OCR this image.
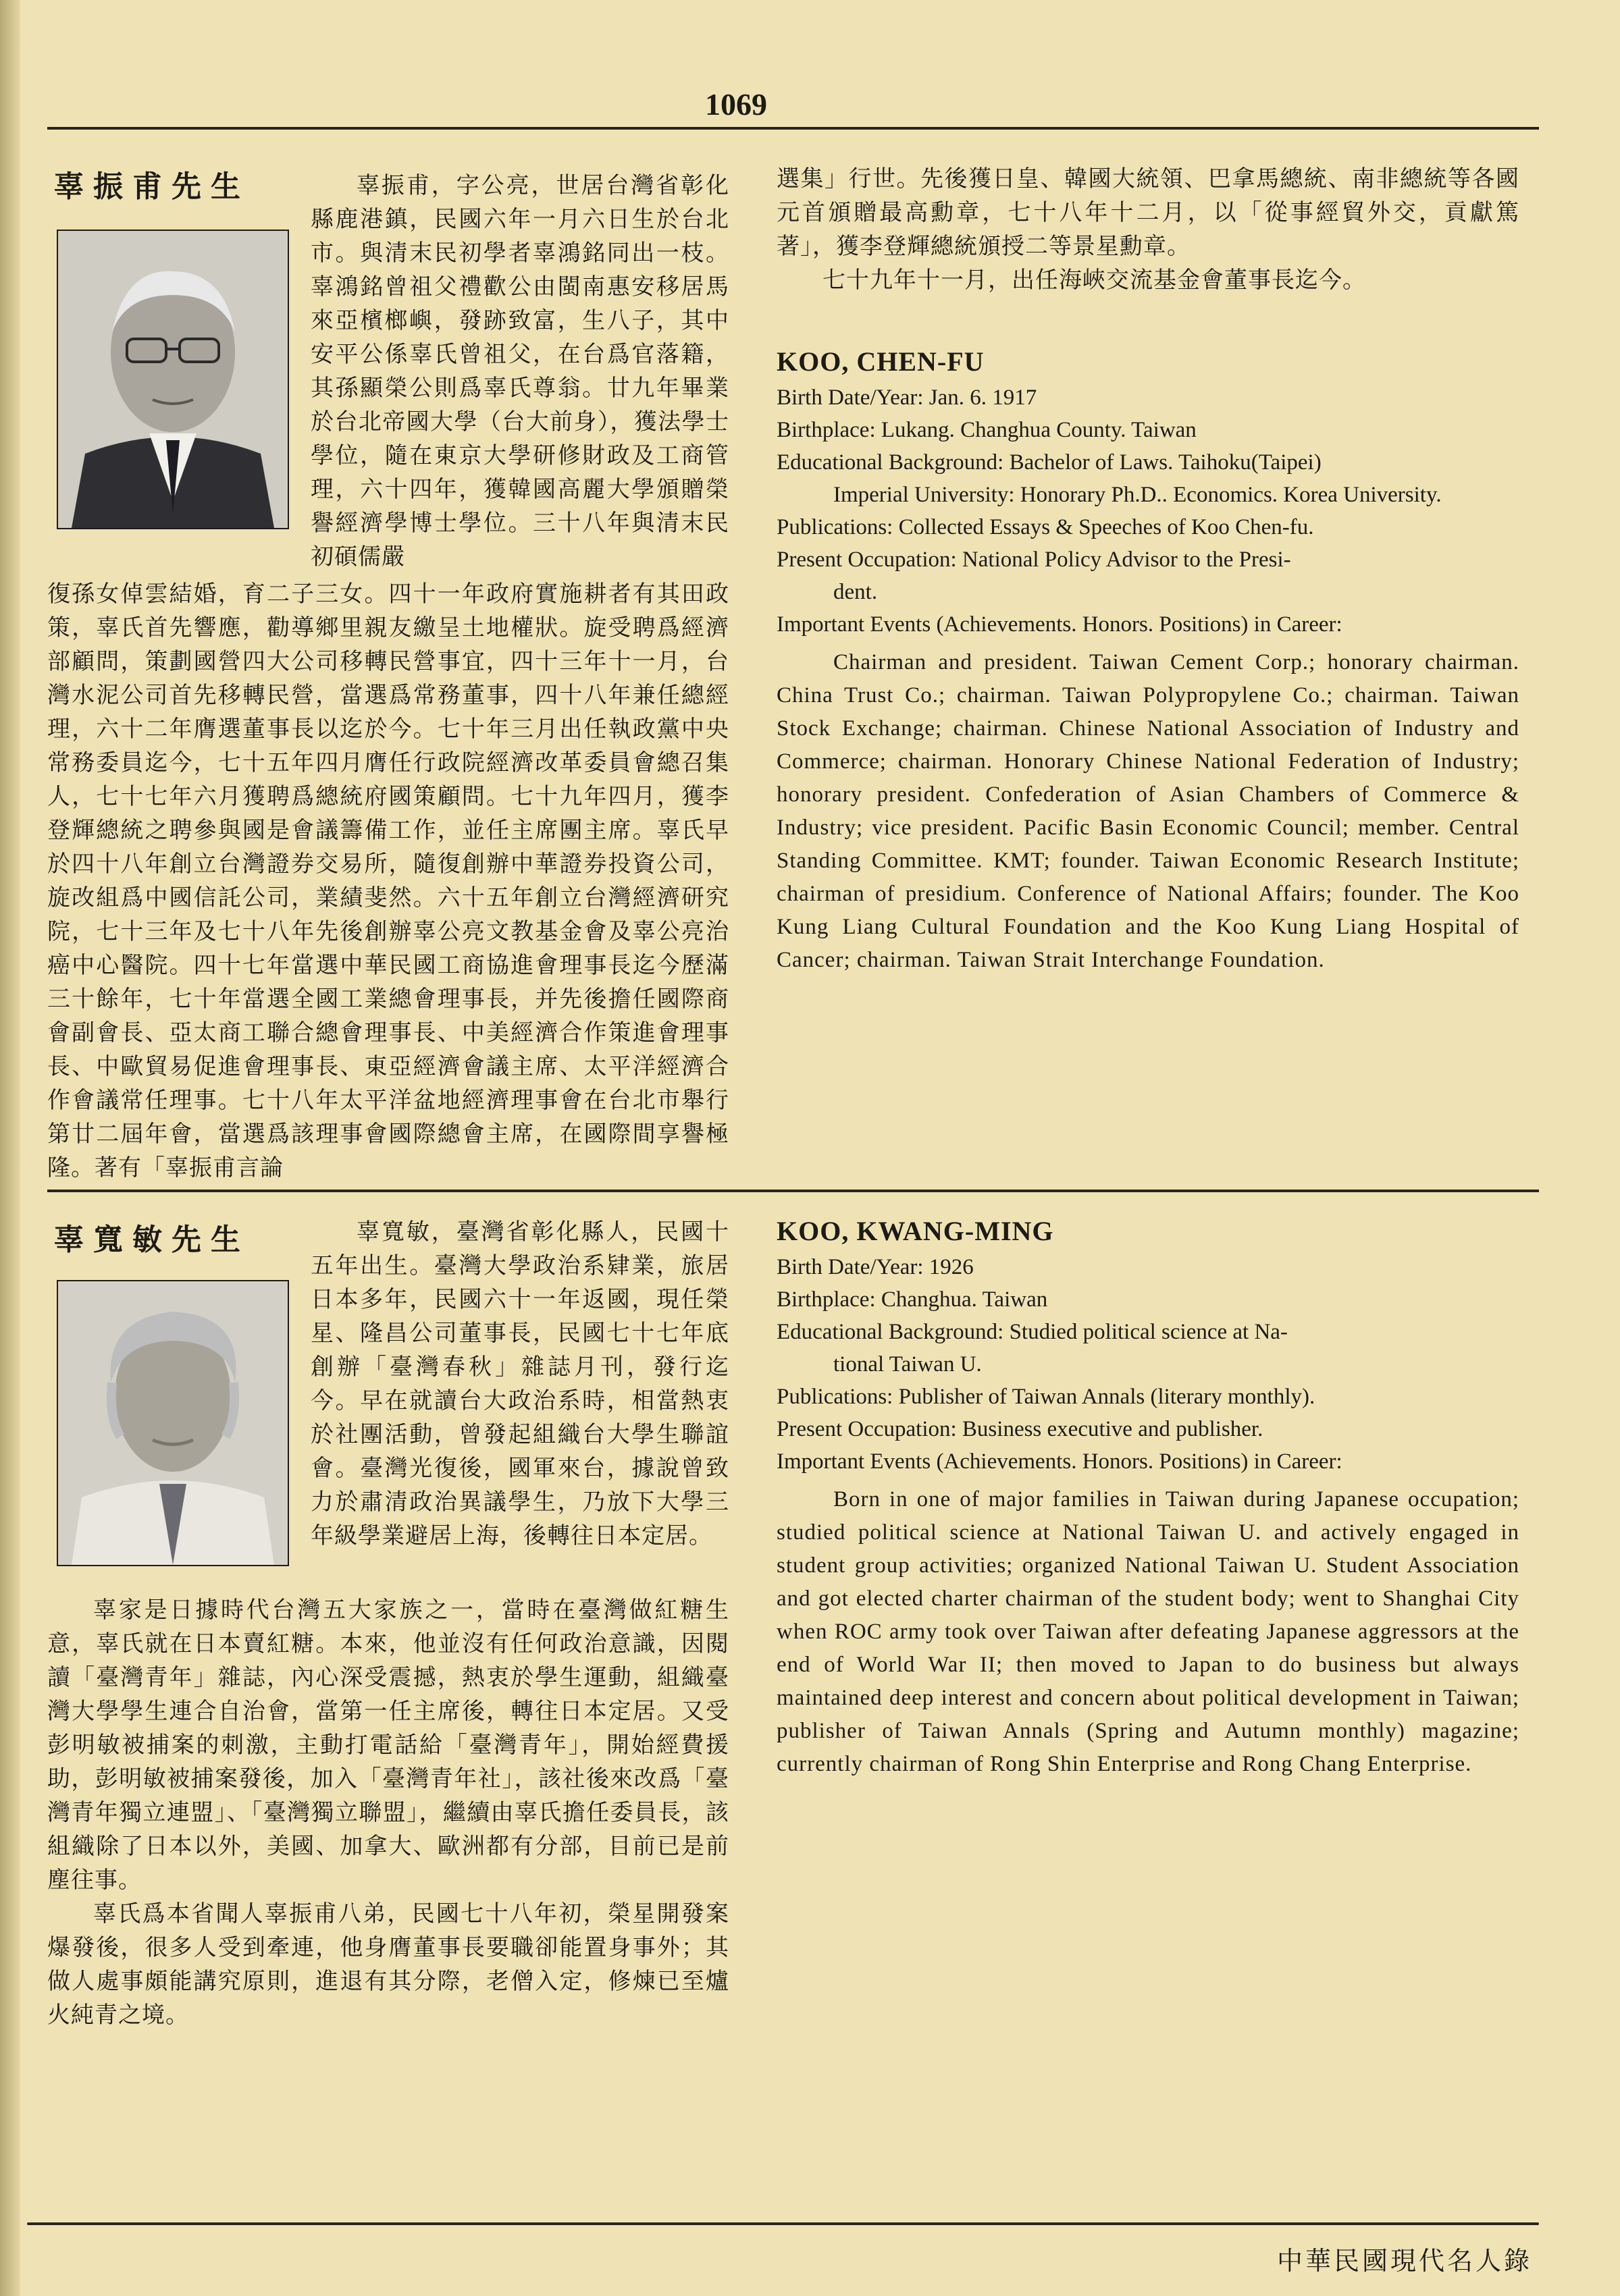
1069
辜振甫先生	辜振甫，字公亮，世居台灣省彰化縣鹿港鎮，民國六年一月六日生於台北市。與清末民初學者辜鴻銘同出一枝。辜鴻銘曾祖父禮歡公由閩南惠安移居馬來亞檳榔嶼，發跡致富，生八子，其中安平公係辜氏曾祖父，在台爲官落籍，其孫顯榮公則爲辜氏尊翁。廿九年畢業於台北帝國大學（台大前身），獲法學士學位，隨在東京大學研修財政及工商管理，六十四年，獲韓國高麗大學頒贈榮譽經濟學博士學位。三十八年與清末民初碩儒嚴

復孫女倬雲結婚，育二子三女。四十一年政府實施耕者有其田政策，辜氏首先響應，勸導鄉里親友繳呈土地權狀。旋受聘爲經濟部顧問，策劃國營四大公司移轉民營事宜，四十三年十一月，台灣水泥公司首先移轉民營，當選爲常務董事，四十八年兼任總經理，六十二年膺選董事長以迄於今。七十年三月出任執政黨中央常務委員迄今，七十五年四月膺任行政院經濟改革委員會總召集人，七十七年六月獲聘爲總統府國策顧問。七十九年四月，獲李登輝總統之聘參與國是會議籌備工作，並任主席團主席。辜氏早於四十八年創立台灣證券交易所，隨復創辦中華證券投資公司，旋改組爲中國信託公司，業績斐然。六十五年創立台灣經濟研究院，七十三年及七十八年先後創辦辜公亮文教基金會及辜公亮治癌中心醫院。四十七年當選中華民國工商協進會理事長迄今歷滿三十餘年，七十年當選全國工業總會理事長，并先後擔任國際商會副會長、亞太商工聯合總會理事長、中美經濟合作策進會理事長、中歐貿易促進會理事長、東亞經濟會議主席、太平洋經濟合作會議常任理事。七十八年太平洋盆地經濟理事會在台北市舉行第廿二屆年會，當選爲該理事會國際總會主席，在國際間享譽極隆。著有「辜振甫言論

選集」行世。先後獲日皇、韓國大統領、巴拿馬總統、南非總統等各國元首頒贈最高勳章，七十八年十二月，以「從事經貿外交，貢獻篤著」，獲李登輝總統頒授二等景星勳章。

七十九年十一月，出任海峽交流基金會董事長迄今。

KOO, CHEN-FU

Birth Date/Year: Jan. 6. 1917

Birthplace: Lukang. Changhua County. Taiwan

Educational Background: Bachelor of Laws. Taihoku(Taipei)
Imperial University: Honorary Ph.D.. Economics. Korea University.

Publications: Collected Essays & Speeches of Koo Chen-fu.

Present Occupation: National Policy Advisor to the Presi-
dent.

Important Events (Achievements. Honors. Positions) in Career:

Chairman and president. Taiwan Cement Corp.; honorary chairman. China Trust Co.; chairman. Taiwan Polypropylene Co.; chairman. Taiwan Stock Exchange; chairman. Chinese National Association of Industry and Commerce; chairman. Honorary Chinese National Federation of Industry; honorary president. Confederation of Asian Chambers of Commerce & Industry; vice president. Pacific Basin Economic Council; member. Central Standing Committee. KMT; founder. Taiwan Economic Research Institute; chairman of presidium. Conference of National Affairs; founder. The Koo Kung Liang Cultural Foundation and the Koo Kung Liang Hospital of Cancer; chairman. Taiwan Strait Interchange Foundation.

辜寬敏先生	辜寬敏，臺灣省彰化縣人，民國十五年出生。臺灣大學政治系肄業，旅居日本多年，民國六十一年返國，現任榮星、隆昌公司董事長，民國七十七年底創辦「臺灣春秋」雜誌月刊，發行迄今。早在就讀台大政治系時，相當熱衷於社團活動，曾發起組織台大學生聯誼會。臺灣光復後，國軍來台，據說曾致力於肅清政治異議學生，乃放下大學三年級學業避居上海，後轉往日本定居。

辜家是日據時代台灣五大家族之一，當時在臺灣做紅糖生意，辜氏就在日本賣紅糖。本來，他並沒有任何政治意識，因閱讀「臺灣青年」雜誌，內心深受震撼，熱衷於學生運動，組織臺灣大學學生連合自治會，當第一任主席後，轉往日本定居。又受彭明敏被捕案的刺激，主動打電話給「臺灣青年」，開始經費援助，彭明敏被捕案發後，加入「臺灣青年社」，該社後來改爲「臺灣青年獨立連盟」、「臺灣獨立聯盟」，繼續由辜氏擔任委員長，該組織除了日本以外，美國、加拿大、歐洲都有分部，目前已是前塵往事。

辜氏爲本省聞人辜振甫八弟，民國七十八年初，榮星開發案爆發後，很多人受到牽連，他身膺董事長要職卻能置身事外；其做人處事頗能講究原則，進退有其分際，老僧入定，修煉已至爐火純青之境。

KOO, KWANG-MING

Birth Date/Year: 1926

Birthplace: Changhua. Taiwan

Educational Background: Studied political science at Na-
tional Taiwan U.

Publications: Publisher of Taiwan Annals (literary monthly).

Present Occupation: Business executive and publisher.

Important Events (Achievements. Honors. Positions) in Career:

Born in one of major families in Taiwan during Japanese occupation; studied political science at National Taiwan U. and actively engaged in student group activities; organized National Taiwan U. Student Association and got elected charter chairman of the student body; went to Shanghai City when ROC army took over Taiwan after defeating Japanese aggressors at the end of World War II; then moved to Japan to do business but always maintained deep interest and concern about political development in Taiwan; publisher of Taiwan Annals (Spring and Autumn monthly) magazine; currently chairman of Rong Shin Enterprise and Rong Chang Enterprise.

中華民國現代名人錄
